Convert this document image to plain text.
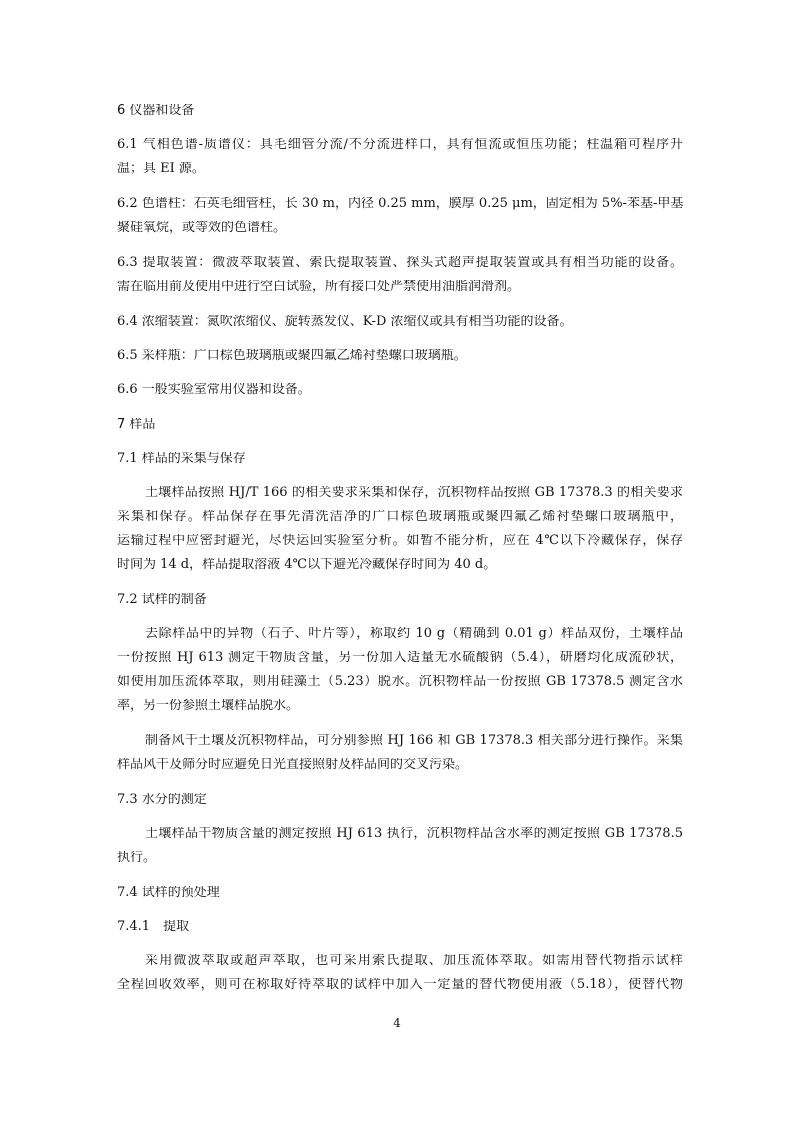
6 仪器和设备
6.1 气相色谱-质谱仪：具毛细管分流/不分流进样口，具有恒流或恒压功能；柱温箱可程序升
温；具 EI 源。
6.2 色谱柱：石英毛细管柱，长 30 m，内径 0.25 mm，膜厚 0.25 μm，固定相为 5%-苯基-甲基
聚硅氧烷，或等效的色谱柱。
6.3 提取装置：微波萃取装置、索氏提取装置、探头式超声提取装置或具有相当功能的设备。
需在临用前及使用中进行空白试验，所有接口处严禁使用油脂润滑剂。
6.4 浓缩装置：氮吹浓缩仪、旋转蒸发仪、K-D 浓缩仪或具有相当功能的设备。
6.5 采样瓶：广口棕色玻璃瓶或聚四氟乙烯衬垫螺口玻璃瓶。
6.6 一般实验室常用仪器和设备。
7 样品
7.1 样品的采集与保存
土壤样品按照 HJ/T 166 的相关要求采集和保存，沉积物样品按照 GB 17378.3 的相关要求
采集和保存。样品保存在事先清洗洁净的广口棕色玻璃瓶或聚四氟乙烯衬垫螺口玻璃瓶中，
运输过程中应密封避光，尽快运回实验室分析。如暂不能分析，应在 4℃以下冷藏保存，保存
时间为 14 d，样品提取溶液 4℃以下避光冷藏保存时间为 40 d。
7.2 试样的制备
去除样品中的异物（石子、叶片等），称取约 10 g（精确到 0.01 g）样品双份，土壤样品
一份按照 HJ 613 测定干物质含量，另一份加入适量无水硫酸钠（5.4），研磨均化成流砂状，
如使用加压流体萃取，则用硅藻土（5.23）脱水。沉积物样品一份按照 GB 17378.5 测定含水
率，另一份参照土壤样品脱水。
制备风干土壤及沉积物样品，可分别参照 HJ 166 和 GB 17378.3 相关部分进行操作。采集
样品风干及筛分时应避免日光直接照射及样品间的交叉污染。
7.3 水分的测定
土壤样品干物质含量的测定按照 HJ 613 执行，沉积物样品含水率的测定按照 GB 17378.5
执行。
7.4 试样的预处理
7.4.1　提取
采用微波萃取或超声萃取，也可采用索氏提取、加压流体萃取。如需用替代物指示试样
全程回收效率，则可在称取好待萃取的试样中加入一定量的替代物使用液（5.18），使替代物
4
